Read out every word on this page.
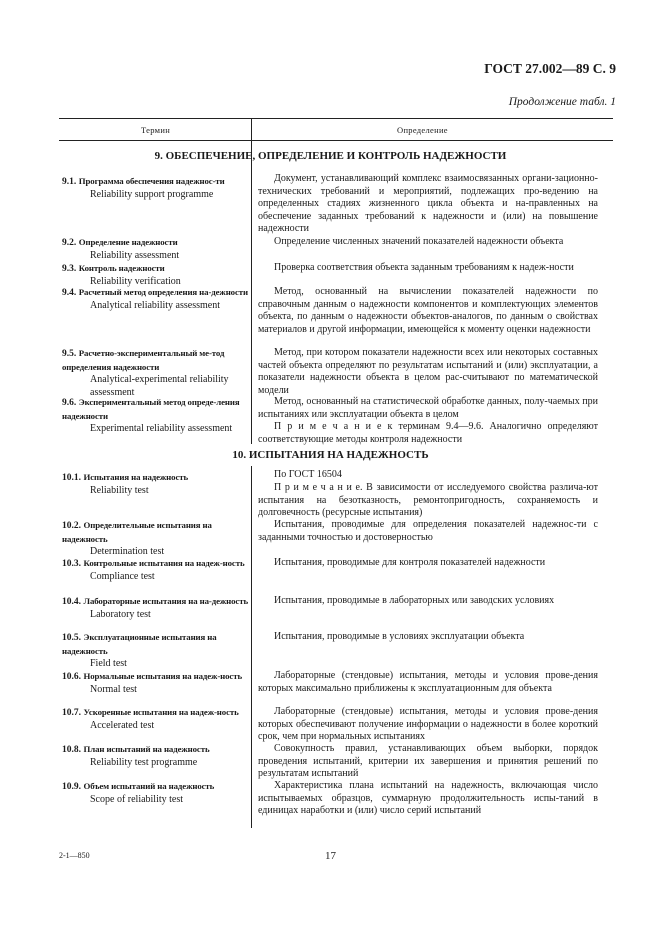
ГОСТ 27.002—89 С. 9
Продолжение табл. 1
Термин	Определение
9. ОБЕСПЕЧЕНИЕ, ОПРЕДЕЛЕНИЕ И КОНТРОЛЬ НАДЕЖНОСТИ
10. ИСПЫТАНИЯ НА НАДЕЖНОСТЬ
9.1. Программа обеспечения надежнос-ти
Reliability support programme
Документ, устанавливающий комплекс взаимосвязанных органи-зационно-технических требований и мероприятий, подлежащих про-ведению на определенных стадиях жизненного цикла объекта и на-правленных на обеспечение заданных требований к надежности и (или) на повышение надежности
9.2. Определение надежности
Reliability assessment
Определение численных значений показателей надежности объекта
9.3. Контроль надежности
Reliability verification
Проверка соответствия объекта заданным требованиям к надеж-ности
9.4. Расчетный метод определения на-дежности
Analytical reliability assessment
Метод, основанный на вычислении показателей надежности по справочным данным о надежности компонентов и комплектующих элементов объекта, по данным о надежности объектов-аналогов, по данным о свойствах материалов и другой информации, имеющейся к моменту оценки надежности
9.5. Расчетно-экспериментальный ме-тод определения надежности
Analytical-experimental reliability assessment
Метод, при котором показатели надежности всех или некоторых составных частей объекта определяют по результатам испытаний и (или) эксплуатации, а показатели надежности объекта в целом рас-считывают по математической модели
9.6. Экспериментальный метод опреде-ления надежности
Experimental reliability assessment
Метод, основанный на статистической обработке данных, полу-чаемых при испытаниях или эксплуатации объекта в целом
П р и м е ч а н и е к терминам 9.4—9.6. Аналогично определяют соответствующие методы контроля надежности
10.1. Испытания на надежность
Reliability test
По ГОСТ 16504
П р и м е ч а н и е. В зависимости от исследуемого свойства различа-ют испытания на безотказность, ремонтопригодность, сохраняемость и долговечность (ресурсные испытания)
10.2. Определительные испытания на надежность
Determination test
Испытания, проводимые для определения показателей надежнос-ти с заданными точностью и достоверностью
10.3. Контрольные испытания на надеж-ность
Compliance test
Испытания, проводимые для контроля показателей надежности
10.4. Лабораторные испытания на на-дежность
Laboratory test
Испытания, проводимые в лабораторных или заводских условиях
10.5. Эксплуатационные испытания на надежность
Field test
Испытания, проводимые в условиях эксплуатации объекта
10.6. Нормальные испытания на надеж-ность
Normal test
Лабораторные (стендовые) испытания, методы и условия прове-дения которых максимально приближены к эксплуатационным для объекта
10.7. Ускоренные испытания на надеж-ность
Accelerated test
Лабораторные (стендовые) испытания, методы и условия прове-дения которых обеспечивают получение информации о надежности в более короткий срок, чем при нормальных испытаниях
10.8. План испытаний на надежность
Reliability test programme
Совокупность правил, устанавливающих объем выборки, порядок проведения испытаний, критерии их завершения и принятия решений по результатам испытаний
10.9. Объем испытаний на надежность
Scope of reliability test
Характеристика плана испытаний на надежность, включающая число испытываемых образцов, суммарную продолжительность испы-таний в единицах наработки и (или) число серий испытаний
2-1—850	17
